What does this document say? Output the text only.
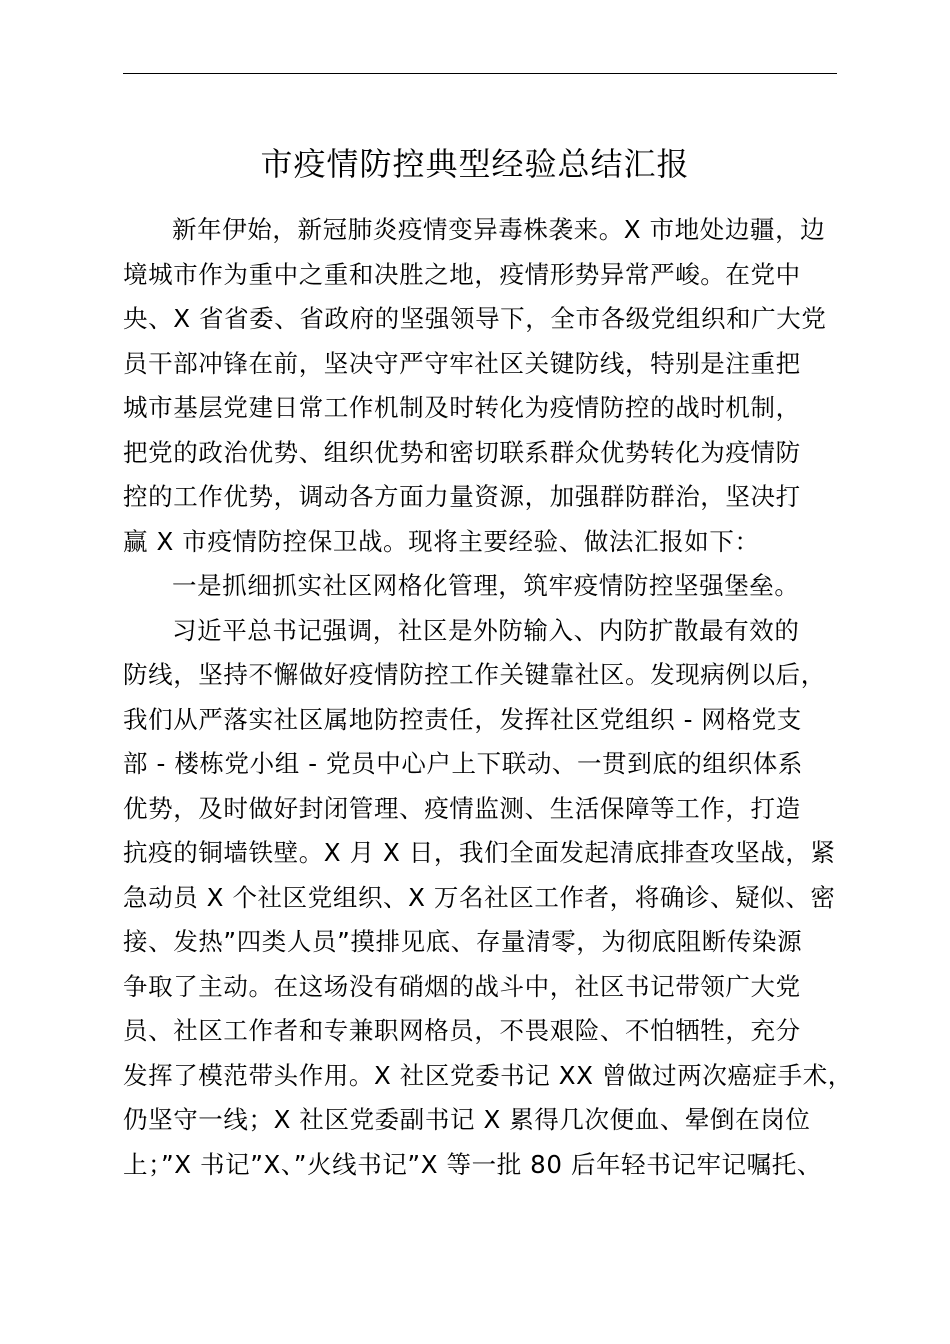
市疫情防控典型经验总结汇报
新年伊始，新冠肺炎疫情变异毒株袭来。X 市地处边疆，边
境城市作为重中之重和决胜之地，疫情形势异常严峻。在党中
央、X 省省委、省政府的坚强领导下，全市各级党组织和广大党
员干部冲锋在前，坚决守严守牢社区关键防线，特别是注重把
城市基层党建日常工作机制及时转化为疫情防控的战时机制，
把党的政治优势、组织优势和密切联系群众优势转化为疫情防
控的工作优势，调动各方面力量资源，加强群防群治，坚决打
赢 X 市疫情防控保卫战。现将主要经验、做法汇报如下：
一是抓细抓实社区网格化管理，筑牢疫情防控坚强堡垒。
习近平总书记强调，社区是外防输入、内防扩散最有效的
防线，坚持不懈做好疫情防控工作关键靠社区。发现病例以后，
我们从严落实社区属地防控责任，发挥社区党组织 - 网格党支
部 - 楼栋党小组 - 党员中心户上下联动、一贯到底的组织体系
优势，及时做好封闭管理、疫情监测、生活保障等工作，打造
抗疫的铜墙铁壁。X 月 X 日，我们全面发起清底排查攻坚战，紧
急动员 X 个社区党组织、X 万名社区工作者，将确诊、疑似、密
接、发热”四类人员”摸排见底、存量清零，为彻底阻断传染源
争取了主动。在这场没有硝烟的战斗中，社区书记带领广大党
员、社区工作者和专兼职网格员，不畏艰险、不怕牺牲，充分
发挥了模范带头作用。X 社区党委书记 XX 曾做过两次癌症手术，
仍坚守一线；X 社区党委副书记 X 累得几次便血、晕倒在岗位
上；”X 书记”X、”火线书记”X 等一批 80 后年轻书记牢记嘱托、
